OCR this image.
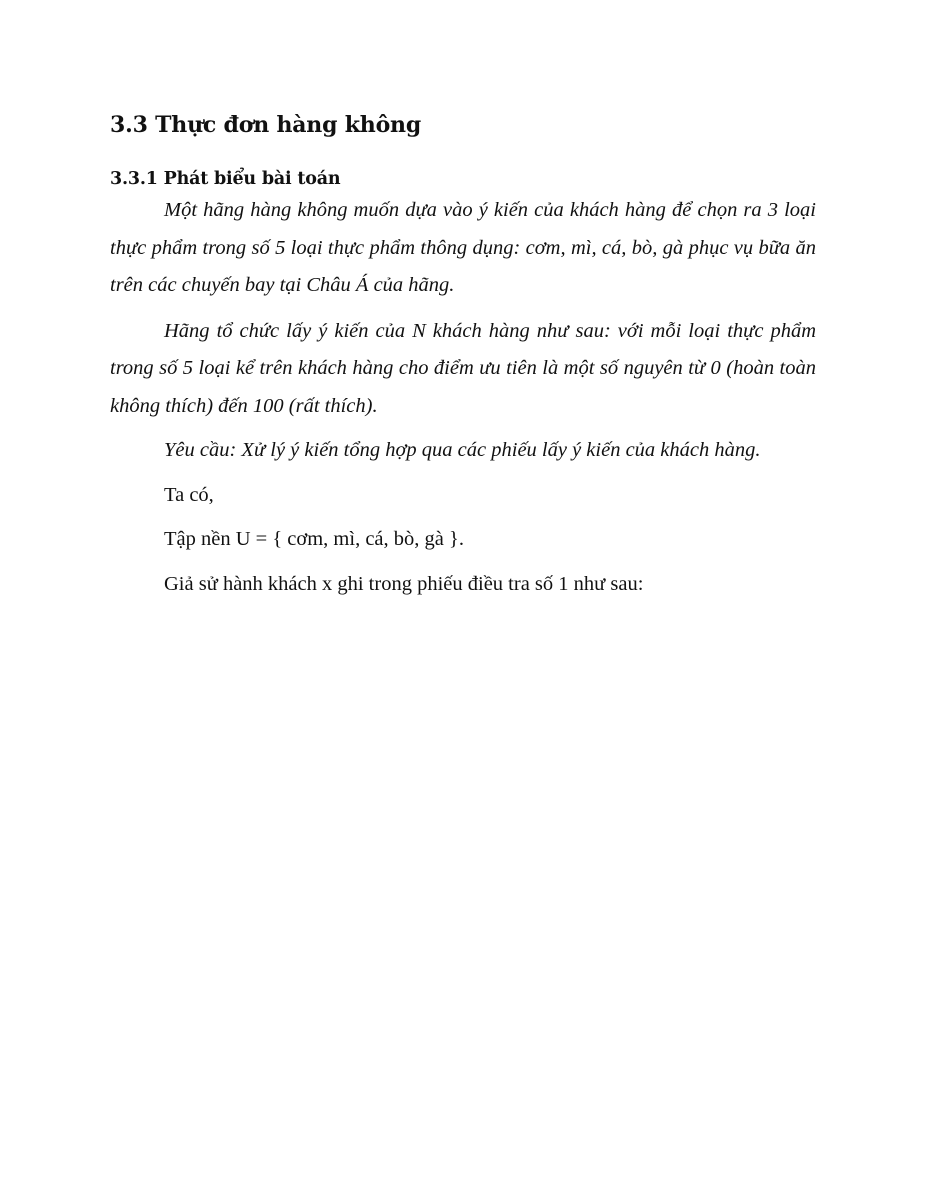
3.3 Thực đơn hàng không
3.3.1 Phát biểu bài toán

Một hãng hàng không muốn dựa vào ý kiến của khách hàng để chọn ra 3 loại thực phẩm trong số 5 loại thực phẩm thông dụng: cơm, mì, cá, bò, gà phục vụ bữa ăn trên các chuyến bay tại Châu Á của hãng.

Hãng tổ chức lấy ý kiến của N khách hàng như sau: với mỗi loại thực phẩm trong số 5 loại kể trên khách hàng cho điểm ưu tiên là một số nguyên từ 0 (hoàn toàn không thích) đến 100 (rất thích).

Yêu cầu: Xử lý ý kiến tổng hợp qua các phiếu lấy ý kiến của khách hàng.

Ta có,

Tập nền U = { cơm, mì, cá, bò, gà }.

Giả sử hành khách x ghi trong phiếu điều tra số 1 như sau:
